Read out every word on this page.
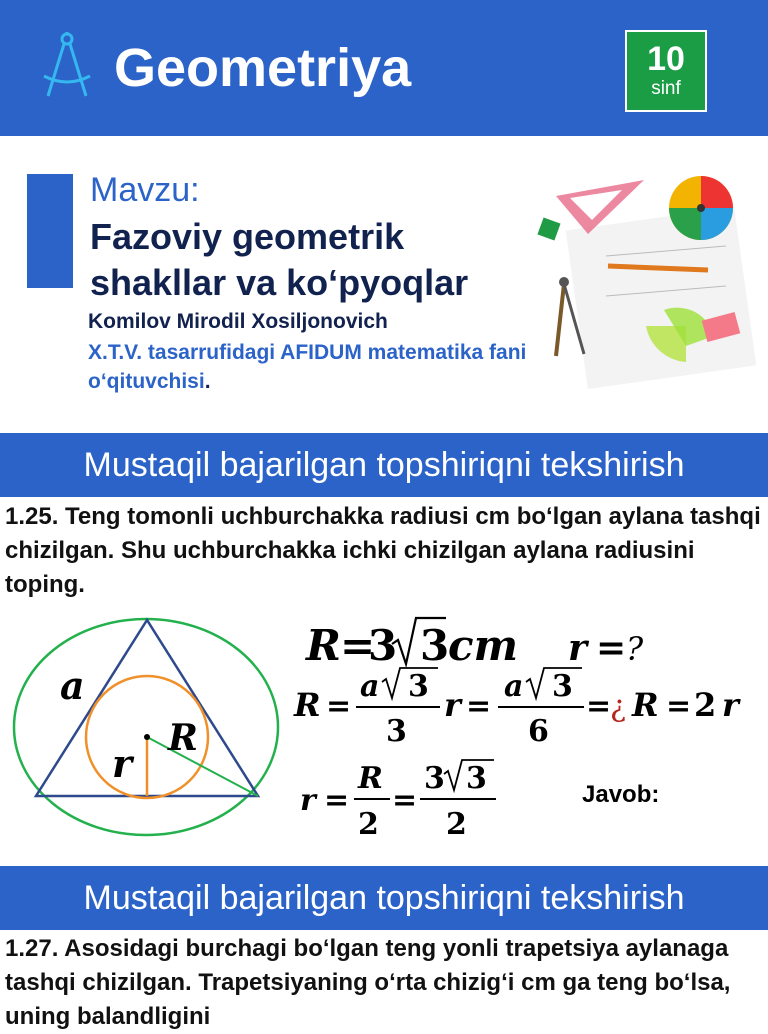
Geometriya	10
sinf
Mavzu:
Fazoviy geometrik shakllar va ko‘pyoqlar
Komilov Mirodil Xosiljonovich
X.T.V. tasarrufidagi AFIDUM matematika fani o‘qituvchisi.
Mustaqil bajarilgan topshiriqni tekshirish
1.25. Teng tomonli uchburchakka radiusi cm bo‘lgan aylana tashqi chizilgan. Shu uchburchakka ichki chizilgan aylana radiusini toping.
a
R
r
R =
3 3
cm r = ?
R =
a 3
3
r =
a 3
6
=
¿ R = 2 r
r =
R
2
=
3 3
2
Javob:
Mustaqil bajarilgan topshiriqni tekshirish
1.27. Asosidagi burchagi bo‘lgan teng yonli trapetsiya aylanaga tashqi chizilgan. Trapetsiyaning o‘rta chizig‘i cm ga teng bo‘lsa, uning balandligini
